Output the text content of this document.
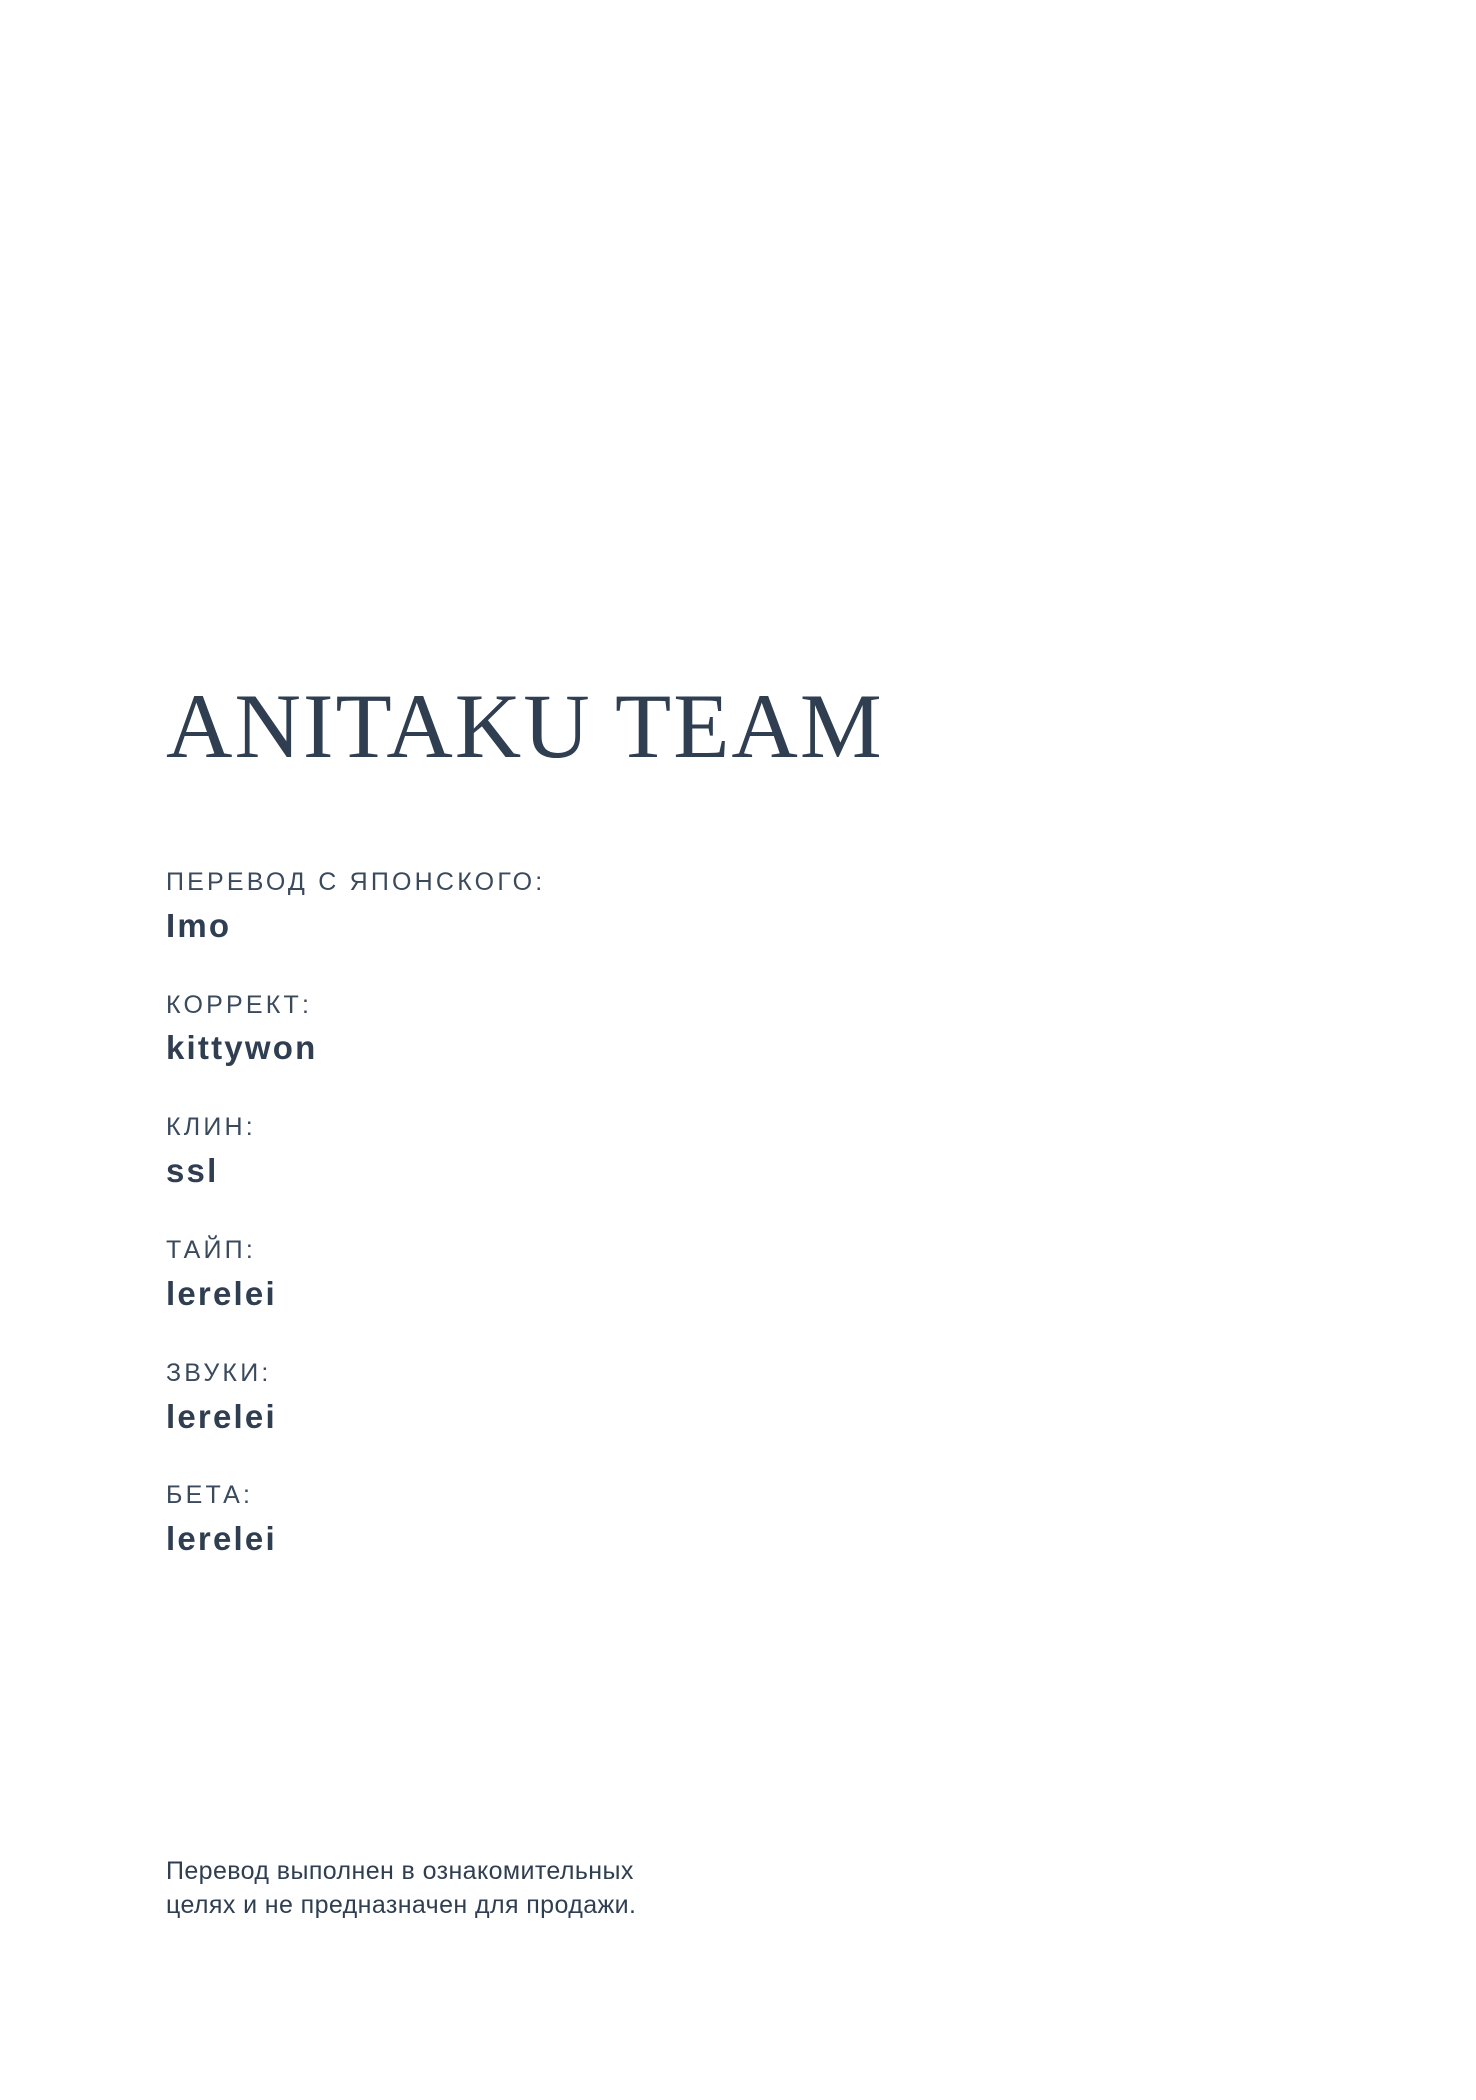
ANITAKU TEAM

ПЕРЕВОД С ЯПОНСКОГО:

Imo

КОРРЕКТ:

kittywon

КЛИН:

ssl

ТАЙП:

lerelei

ЗВУКИ:

lerelei

БЕТА:

lerelei

Перевод выполнен в ознакомительных
целях и не предназначен для продажи.
